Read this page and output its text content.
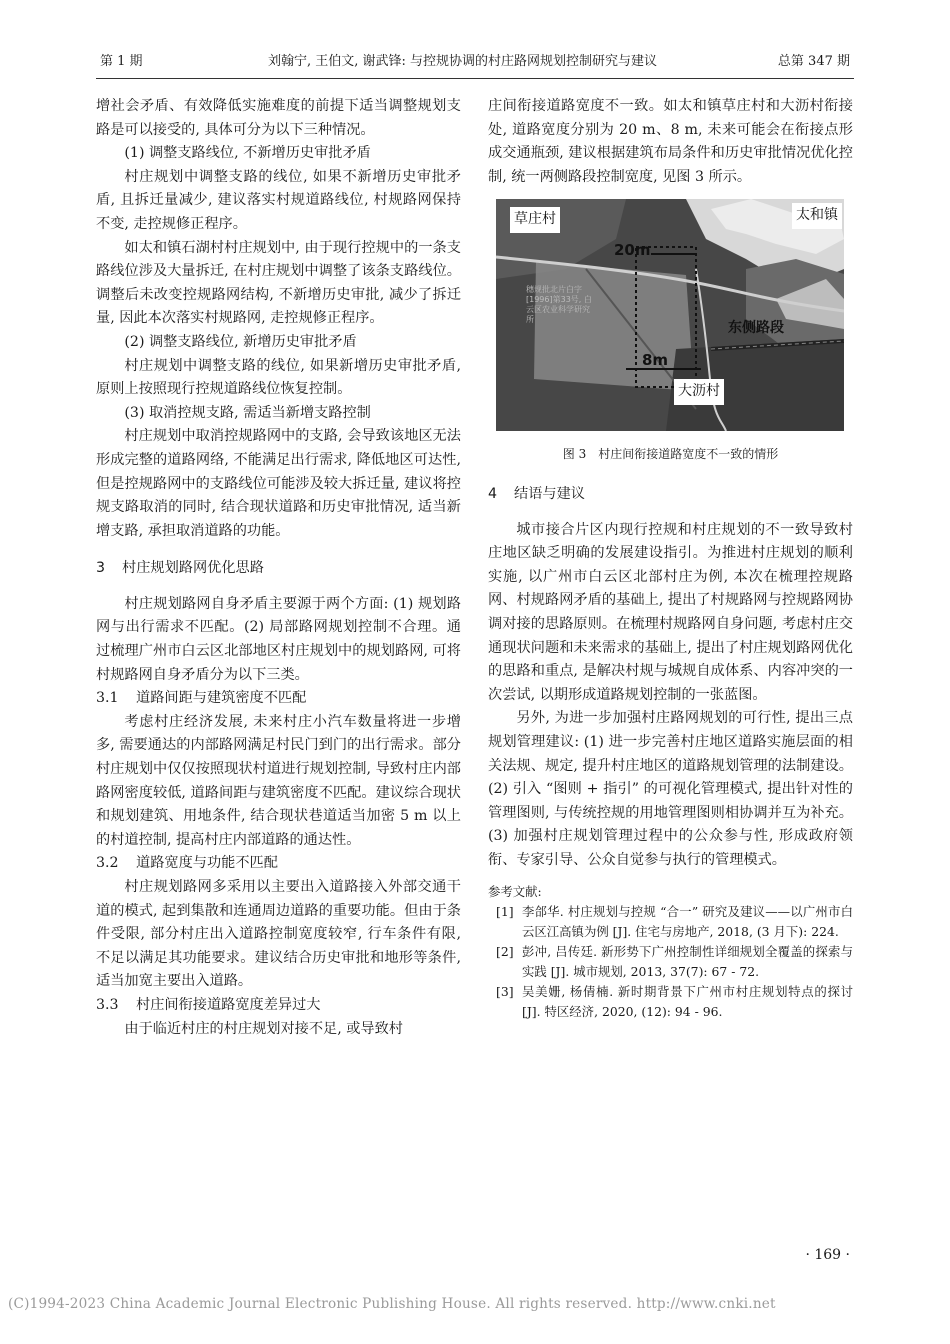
第 1 期	刘翰宁, 王伯文, 谢武锋: 与控规协调的村庄路网规划控制研究与建议	总第 347 期

增社会矛盾、有效降低实施难度的前提下适当调整规划支路是可以接受的, 具体可分为以下三种情况。

(1) 调整支路线位, 不新增历史审批矛盾

村庄规划中调整支路的线位, 如果不新增历史审批矛盾, 且拆迁量减少, 建议落实村规道路线位, 村规路网保持不变, 走控规修正程序。

如太和镇石湖村村庄规划中, 由于现行控规中的一条支路线位涉及大量拆迁, 在村庄规划中调整了该条支路线位。调整后未改变控规路网结构, 不新增历史审批, 减少了拆迁量, 因此本次落实村规路网, 走控规修正程序。

(2) 调整支路线位, 新增历史审批矛盾

村庄规划中调整支路的线位, 如果新增历史审批矛盾, 原则上按照现行控规道路线位恢复控制。

(3) 取消控规支路, 需适当新增支路控制

村庄规划中取消控规路网中的支路, 会导致该地区无法形成完整的道路网络, 不能满足出行需求, 降低地区可达性, 但是控规路网中的支路线位可能涉及较大拆迁量, 建议将控规支路取消的同时, 结合现状道路和历史审批情况, 适当新增支路, 承担取消道路的功能。

3 村庄规划路网优化思路

村庄规划路网自身矛盾主要源于两个方面: (1) 规划路网与出行需求不匹配。(2) 局部路网规划控制不合理。通过梳理广州市白云区北部地区村庄规划中的规划路网, 可将村规路网自身矛盾分为以下三类。

3.1 道路间距与建筑密度不匹配

考虑村庄经济发展, 未来村庄小汽车数量将进一步增多, 需要通达的内部路网满足村民门到门的出行需求。部分村庄规划中仅仅按照现状村道进行规划控制, 导致村庄内部路网密度较低, 道路间距与建筑密度不匹配。建议综合现状和规划建筑、用地条件, 结合现状巷道适当加密 5 m 以上的村道控制, 提高村庄内部道路的通达性。

3.2 道路宽度与功能不匹配

村庄规划路网多采用以主要出入道路接入外部交通干道的模式, 起到集散和连通周边道路的重要功能。但由于条件受限, 部分村庄出入道路控制宽度较窄, 行车条件有限, 不足以满足其功能要求。建议结合历史审批和地形等条件, 适当加宽主要出入道路。

3.3 村庄间衔接道路宽度差异过大

由于临近村庄的村庄规划对接不足, 或导致村

庄间衔接道路宽度不一致。如太和镇草庄村和大沥村衔接处, 道路宽度分别为 20 m、8 m, 未来可能会在衔接点形成交通瓶颈, 建议根据建筑布局条件和历史审批情况优化控制, 统一两侧路段控制宽度, 见图 3 所示。

穗规批北片白字[1996]第33号, 白云区农业科学研究所
草庄村	太和镇
20m
东侧路段
8m
大沥村

图 3　村庄间衔接道路宽度不一致的情形

4 结语与建议

城市接合片区内现行控规和村庄规划的不一致导致村庄地区缺乏明确的发展建设指引。为推进村庄规划的顺利实施, 以广州市白云区北部村庄为例, 本次在梳理控规路网、村规路网矛盾的基础上, 提出了村规路网与控规路网协调对接的思路原则。在梳理村规路网自身问题, 考虑村庄交通现状问题和未来需求的基础上, 提出了村庄规划路网优化的思路和重点, 是解决村规与城规自成体系、内容冲突的一次尝试, 以期形成道路规划控制的一张蓝图。

另外, 为进一步加强村庄路网规划的可行性, 提出三点规划管理建议: (1) 进一步完善村庄地区道路实施层面的相关法规、规定, 提升村庄地区的道路规划管理的法制建设。(2) 引入 “图则 + 指引” 的可视化管理模式, 提出针对性的管理图则, 与传统控规的用地管理图则相协调并互为补充。(3) 加强村庄规划管理过程中的公众参与性, 形成政府领衔、专家引导、公众自觉参与执行的管理模式。

参考文献:

[1] 李郃华. 村庄规划与控规 “合一” 研究及建议——以广州市白云区江高镇为例 [J]. 住宅与房地产, 2018, (3 月下): 224.

[2] 彭冲, 吕传廷. 新形势下广州控制性详细规划全覆盖的探索与实践 [J]. 城市规划, 2013, 37(7): 67 - 72.

[3] 吴美姗, 杨倩楠. 新时期背景下广州市村庄规划特点的探讨 [J]. 特区经济, 2020, (12): 94 - 96.

· 169 ·
(C)1994-2023 China Academic Journal Electronic Publishing House. All rights reserved. http://www.cnki.net
